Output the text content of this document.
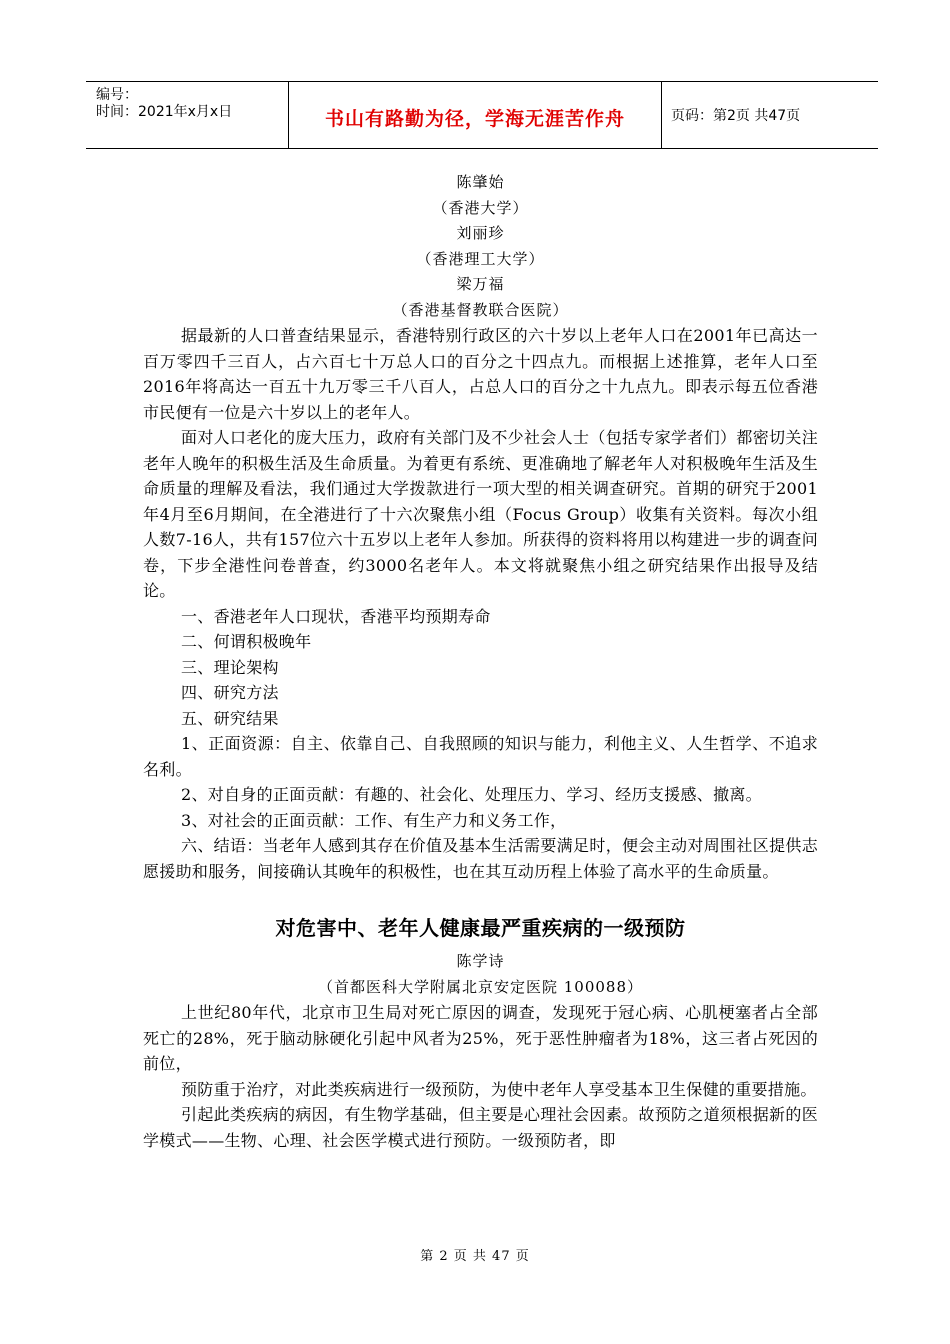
编号：
时间：2021年x月x日	书山有路勤为径，学海无涯苦作舟	页码：第2页 共47页
陈肇始
（香港大学）
刘丽珍
（香港理工大学）
梁万福
（香港基督教联合医院）
据最新的人口普查结果显示，香港特别行政区的六十岁以上老年人口在2001年已高达一百万零四千三百人，占六百七十万总人口的百分之十四点九。而根据上述推算，老年人口至2016年将高达一百五十九万零三千八百人，占总人口的百分之十九点九。即表示每五位香港市民便有一位是六十岁以上的老年人。
面对人口老化的庞大压力，政府有关部门及不少社会人士（包括专家学者们）都密切关注老年人晚年的积极生活及生命质量。为着更有系统、更准确地了解老年人对积极晚年生活及生命质量的理解及看法，我们通过大学拨款进行一项大型的相关调查研究。首期的研究于2001年4月至6月期间，在全港进行了十六次聚焦小组（Focus Group）收集有关资料。每次小组人数7-16人，共有157位六十五岁以上老年人参加。所获得的资料将用以构建进一步的调查问卷，下步全港性问卷普查，约3000名老年人。本文将就聚焦小组之研究结果作出报导及结论。
一、香港老年人口现状，香港平均预期寿命
二、何谓积极晚年
三、理论架构
四、研究方法
五、研究结果
1、正面资源：自主、依靠自己、自我照顾的知识与能力，利他主义、人生哲学、不追求名利。
2、对自身的正面贡献：有趣的、社会化、处理压力、学习、经历支援感、撤离。
3、对社会的正面贡献：工作、有生产力和义务工作，
六、结语：当老年人感到其存在价值及基本生活需要满足时，便会主动对周围社区提供志愿援助和服务，间接确认其晚年的积极性，也在其互动历程上体验了高水平的生命质量。
对危害中、老年人健康最严重疾病的一级预防
陈学诗
（首都医科大学附属北京安定医院 100088）
上世纪80年代，北京市卫生局对死亡原因的调查，发现死于冠心病、心肌梗塞者占全部死亡的28%，死于脑动脉硬化引起中风者为25%，死于恶性肿瘤者为18%，这三者占死因的前位，
预防重于治疗，对此类疾病进行一级预防，为使中老年人享受基本卫生保健的重要措施。
引起此类疾病的病因，有生物学基础，但主要是心理社会因素。故预防之道须根据新的医学模式——生物、心理、社会医学模式进行预防。一级预防者，即
第 2 页 共 47 页
